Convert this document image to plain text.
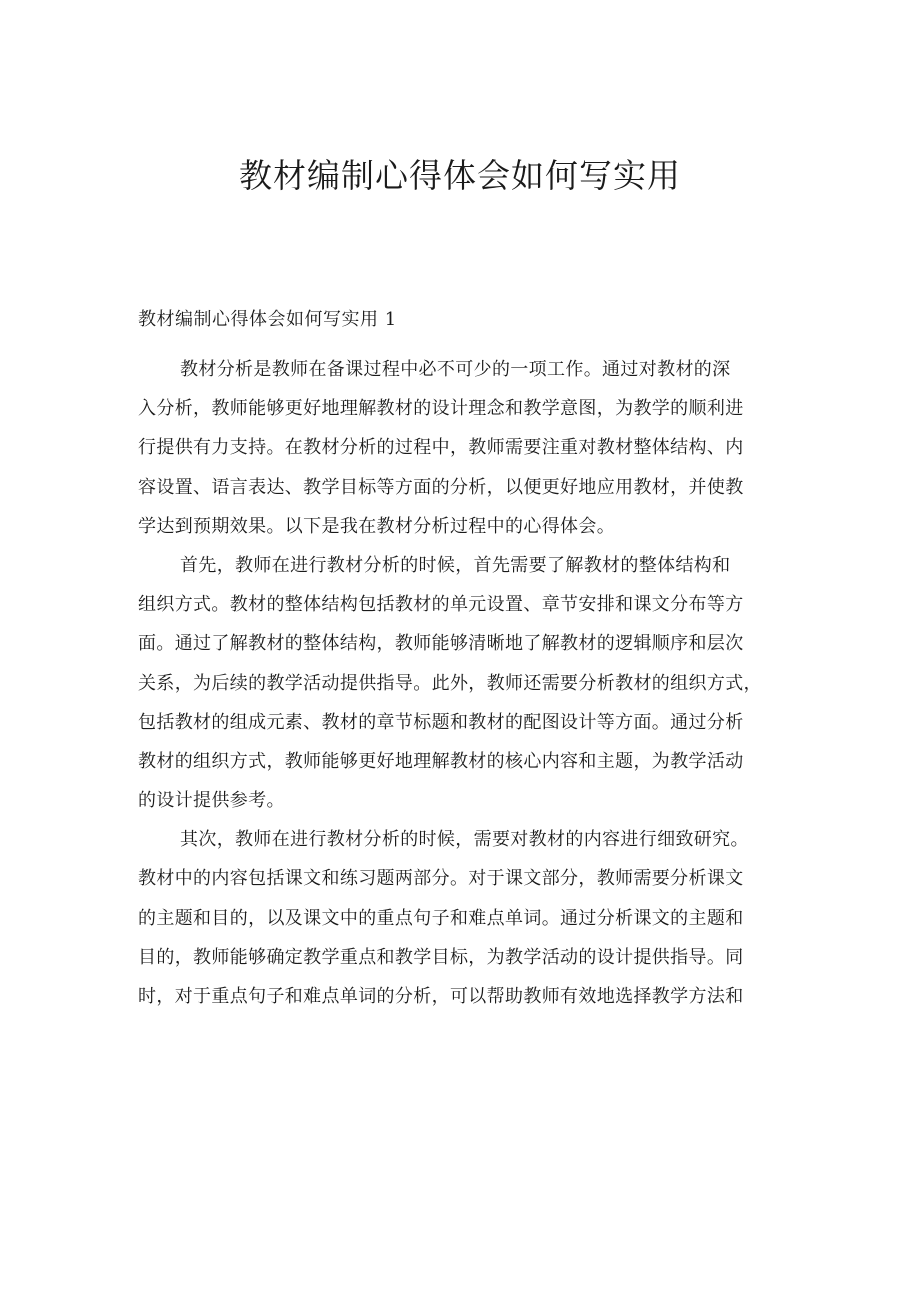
教材编制心得体会如何写实用

教材编制心得体会如何写实用 1

教材分析是教师在备课过程中必不可少的一项工作。通过对教材的深
入分析，教师能够更好地理解教材的设计理念和教学意图，为教学的顺利进
行提供有力支持。在教材分析的过程中，教师需要注重对教材整体结构、内
容设置、语言表达、教学目标等方面的分析，以便更好地应用教材，并使教
学达到预期效果。以下是我在教材分析过程中的心得体会。

首先，教师在进行教材分析的时候，首先需要了解教材的整体结构和
组织方式。教材的整体结构包括教材的单元设置、章节安排和课文分布等方
面。通过了解教材的整体结构，教师能够清晰地了解教材的逻辑顺序和层次
关系，为后续的教学活动提供指导。此外，教师还需要分析教材的组织方式，
包括教材的组成元素、教材的章节标题和教材的配图设计等方面。通过分析
教材的组织方式，教师能够更好地理解教材的核心内容和主题，为教学活动
的设计提供参考。

其次，教师在进行教材分析的时候，需要对教材的内容进行细致研究。
教材中的内容包括课文和练习题两部分。对于课文部分，教师需要分析课文
的主题和目的，以及课文中的重点句子和难点单词。通过分析课文的主题和
目的，教师能够确定教学重点和教学目标，为教学活动的设计提供指导。同
时，对于重点句子和难点单词的分析，可以帮助教师有效地选择教学方法和
